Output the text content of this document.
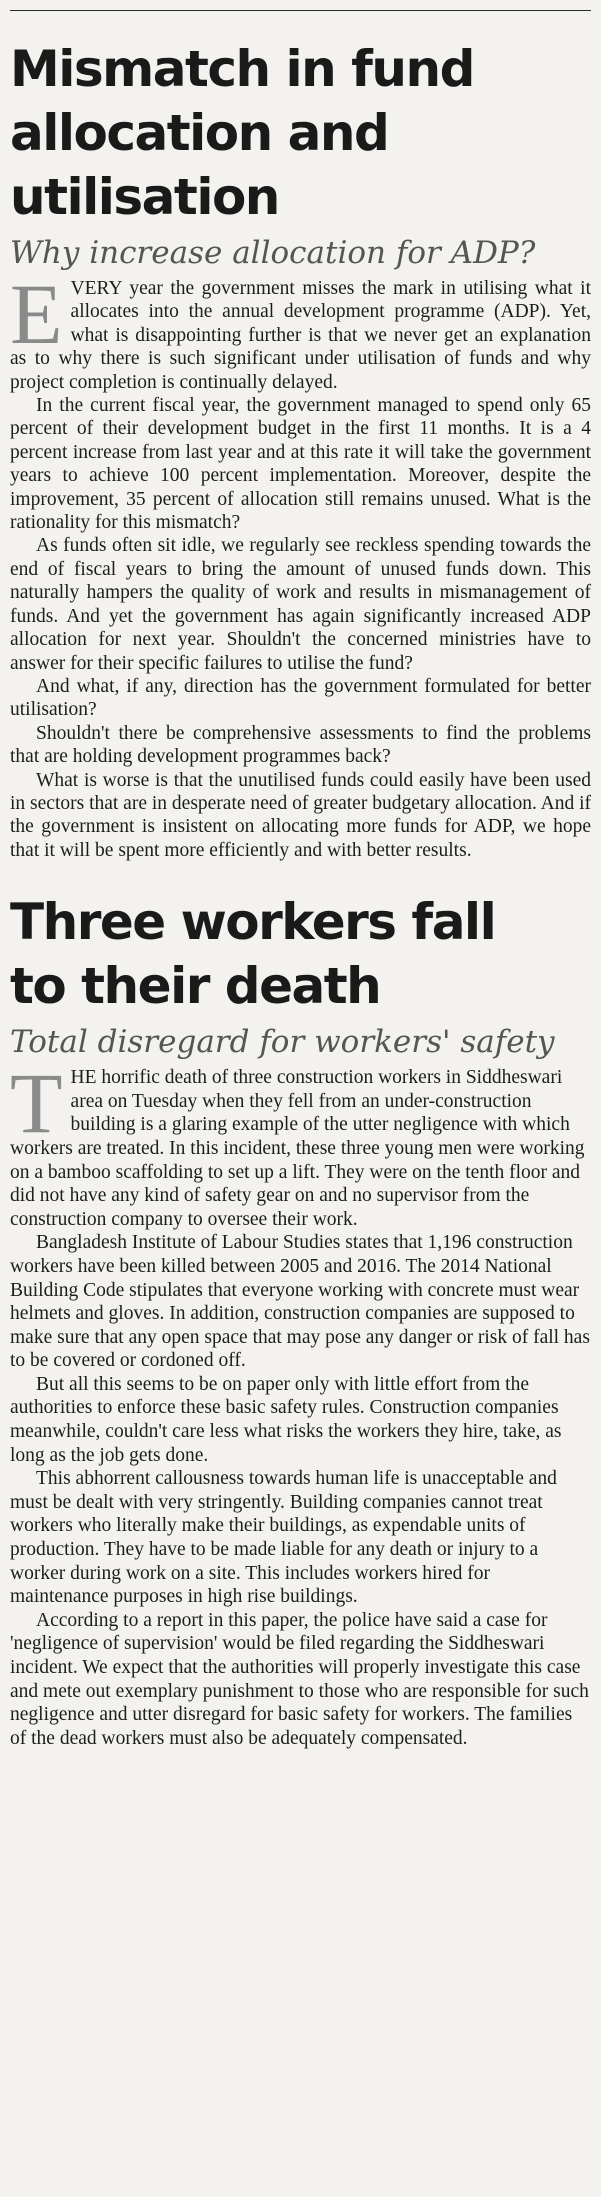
Mismatch in fund
allocation and utilisation
Why increase allocation for ADP?

EVERY year the government misses the mark in utilising what it allocates into the annual development programme (ADP). Yet, what is disappointing further is that we never get an explanation as to why there is such significant under utilisation of funds and why project completion is continually delayed.

In the current fiscal year, the government managed to spend only 65 percent of their development budget in the first 11 months. It is a 4 percent increase from last year and at this rate it will take the government years to achieve 100 percent implementation. Moreover, despite the improvement, 35 percent of allocation still remains unused. What is the rationality for this mismatch?

As funds often sit idle, we regularly see reckless spending towards the end of fiscal years to bring the amount of unused funds down. This naturally hampers the quality of work and results in mismanagement of funds. And yet the government has again significantly increased ADP allocation for next year. Shouldn't the concerned ministries have to answer for their specific failures to utilise the fund?

And what, if any, direction has the government formulated for better utilisation?

Shouldn't there be comprehensive assessments to find the problems that are holding development programmes back?

What is worse is that the unutilised funds could easily have been used in sectors that are in desperate need of greater budgetary allocation. And if the government is insistent on allocating more funds for ADP, we hope that it will be spent more efficiently and with better results.

Three workers fall
to their death
Total disregard for workers' safety

THE horrific death of three construction workers in Siddheswari area on Tuesday when they fell from an under-construction building is a glaring example of the utter negligence with which workers are treated. In this incident, these three young men were working on a bamboo scaffolding to set up a lift. They were on the tenth floor and did not have any kind of safety gear on and no supervisor from the construction company to oversee their work.

Bangladesh Institute of Labour Studies states that 1,196 construction workers have been killed between 2005 and 2016. The 2014 National Building Code stipulates that everyone working with concrete must wear helmets and gloves. In addition, construction companies are supposed to make sure that any open space that may pose any danger or risk of fall has to be covered or cordoned off.

But all this seems to be on paper only with little effort from the authorities to enforce these basic safety rules. Construction companies meanwhile, couldn't care less what risks the workers they hire, take, as long as the job gets done.

This abhorrent callousness towards human life is unacceptable and must be dealt with very stringently. Building companies cannot treat workers who literally make their buildings, as expendable units of production. They have to be made liable for any death or injury to a worker during work on a site. This includes workers hired for maintenance purposes in high rise buildings.

According to a report in this paper, the police have said a case for 'negligence of supervision' would be filed regarding the Siddheswari incident. We expect that the authorities will properly investigate this case and mete out exemplary punishment to those who are responsible for such negligence and utter disregard for basic safety for workers. The families of the dead workers must also be adequately compensated.
